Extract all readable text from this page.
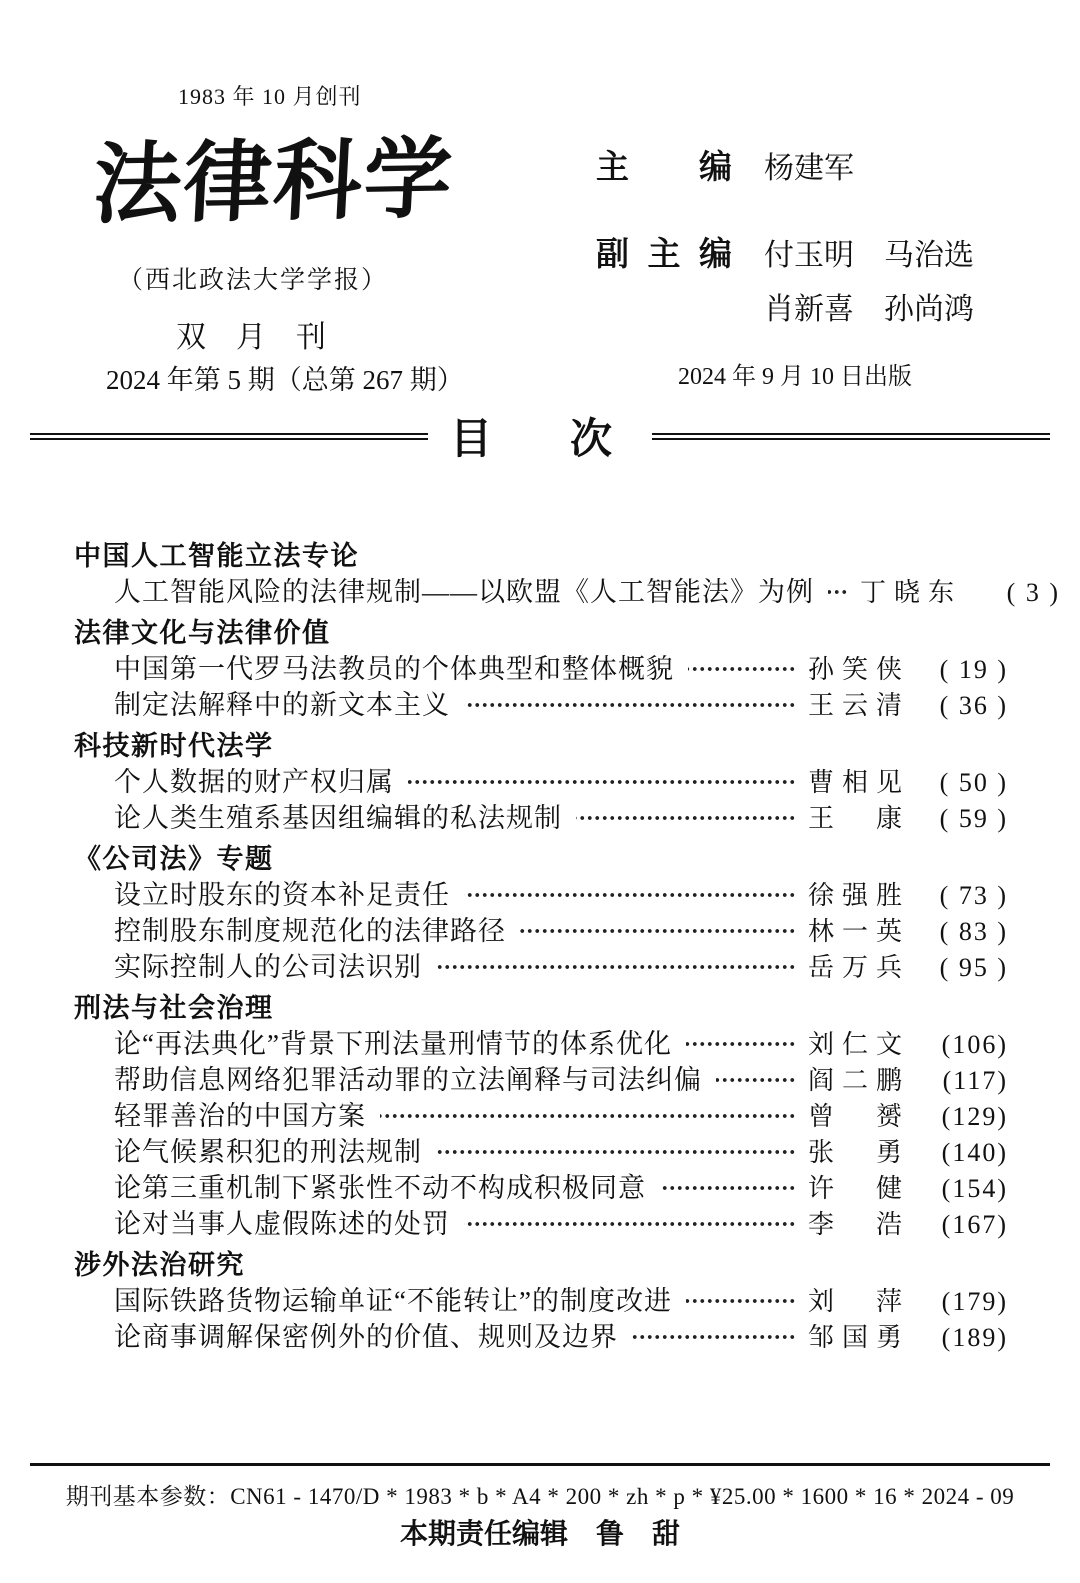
1983 年 10 月创刊
法律科学
（西北政法大学学报）
双　月　刊
2024 年第 5 期（总第 267 期）
主编 杨建军
副主编 付玉明　马治选
肖新喜　孙尚鸿
2024 年 9 月 10 日出版
目　次
中国人工智能立法专论
人工智能风险的法律规制——以欧盟《人工智能法》为例 丁晓东	( 3 )
法律文化与法律价值
中国第一代罗马法教员的个体典型和整体概貌	孙笑侠	( 19 )
制定法解释中的新文本主义	王云清	( 36 )
科技新时代法学
个人数据的财产权归属	曹相见	( 50 )
论人类生殖系基因组编辑的私法规制	王　康	( 59 )
《公司法》专题
设立时股东的资本补足责任	徐强胜	( 73 )
控制股东制度规范化的法律路径	林一英	( 83 )
实际控制人的公司法识别	岳万兵	( 95 )
刑法与社会治理
论“再法典化”背景下刑法量刑情节的体系优化	刘仁文	(106)
帮助信息网络犯罪活动罪的立法阐释与司法纠偏	阎二鹏	(117)
轻罪善治的中国方案	曾　赟	(129)
论气候累积犯的刑法规制	张　勇	(140)
论第三重机制下紧张性不动不构成积极同意	许　健	(154)
论对当事人虚假陈述的处罚	李　浩	(167)
涉外法治研究
国际铁路货物运输单证“不能转让”的制度改进	刘　萍	(179)
论商事调解保密例外的价值、规则及边界	邹国勇	(189)
期刊基本参数：CN61 - 1470/D * 1983 * b * A4 * 200 * zh * p * ¥25.00 * 1600 * 16 * 2024 - 09
本期责任编辑　鲁　甜
